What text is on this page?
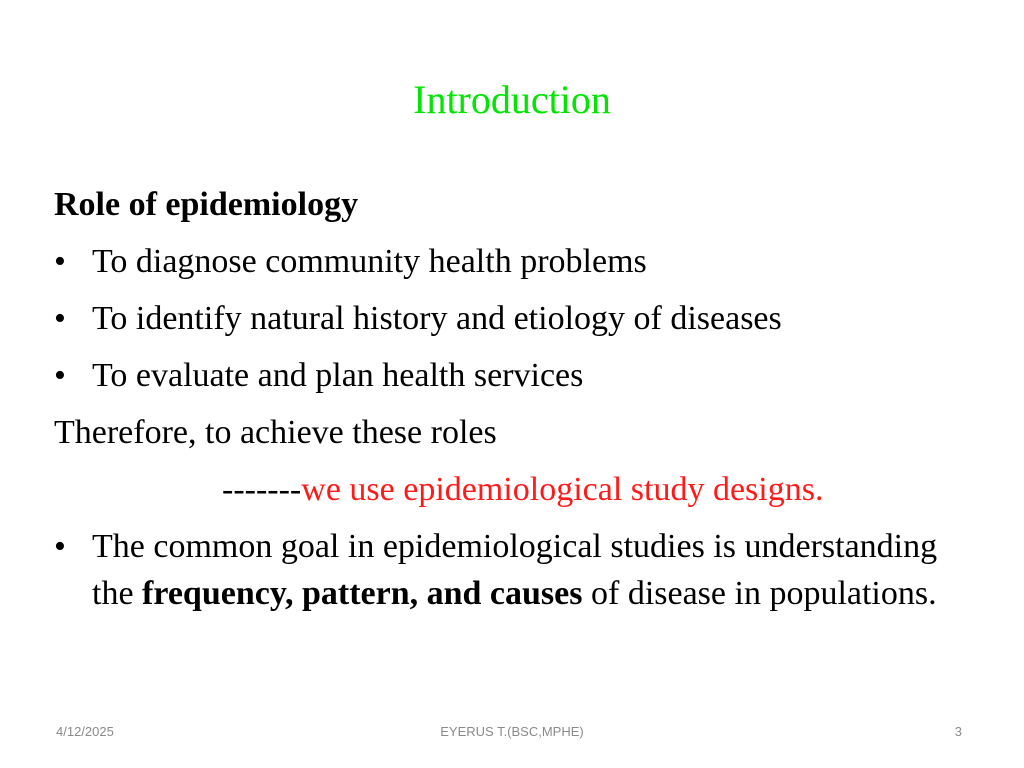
Introduction
Role of epidemiology
• To diagnose community health problems
• To identify natural history and etiology of diseases
• To evaluate and plan health services
Therefore, to achieve these roles
-------we use epidemiological study designs.
• The common goal in epidemiological studies is understanding the frequency, pattern, and causes of disease in populations.
4/12/2025	EYERUS T.(BSC,MPHE)	3
